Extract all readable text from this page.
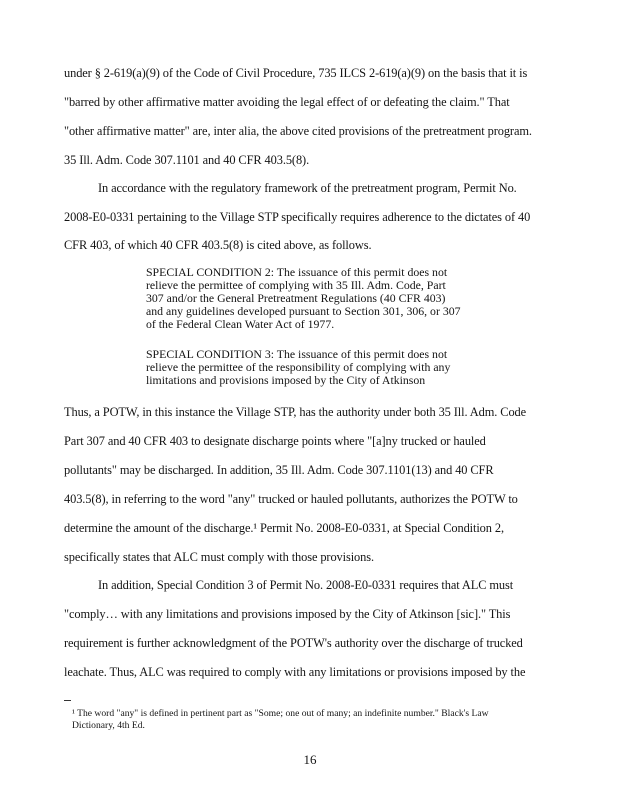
under § 2-619(a)(9) of the Code of Civil Procedure, 735 ILCS 2-619(a)(9) on the basis that it is
"barred by other affirmative matter avoiding the legal effect of or defeating the claim." That
"other affirmative matter" are, inter alia, the above cited provisions of the pretreatment program.
35 Ill. Adm. Code 307.1101 and 40 CFR 403.5(8).
In accordance with the regulatory framework of the pretreatment program, Permit No.
2008-E0-0331 pertaining to the Village STP specifically requires adherence to the dictates of 40
CFR 403, of which 40 CFR 403.5(8) is cited above, as follows.
SPECIAL CONDITION 2: The issuance of this permit does not
relieve the permittee of complying with 35 Ill. Adm. Code, Part
307 and/or the General Pretreatment Regulations (40 CFR 403)
and any guidelines developed pursuant to Section 301, 306, or 307
of the Federal Clean Water Act of 1977.
SPECIAL CONDITION 3: The issuance of this permit does not
relieve the permittee of the responsibility of complying with any
limitations and provisions imposed by the City of Atkinson
Thus, a POTW, in this instance the Village STP, has the authority under both 35 Ill. Adm. Code
Part 307 and 40 CFR 403 to designate discharge points where "[a]ny trucked or hauled
pollutants" may be discharged. In addition, 35 Ill. Adm. Code 307.1101(13) and 40 CFR
403.5(8), in referring to the word "any" trucked or hauled pollutants, authorizes the POTW to
determine the amount of the discharge.¹ Permit No. 2008-E0-0331, at Special Condition 2,
specifically states that ALC must comply with those provisions.
In addition, Special Condition 3 of Permit No. 2008-E0-0331 requires that ALC must
"comply… with any limitations and provisions imposed by the City of Atkinson [sic]." This
requirement is further acknowledgment of the POTW's authority over the discharge of trucked
leachate. Thus, ALC was required to comply with any limitations or provisions imposed by the
¹ The word "any" is defined in pertinent part as "Some; one out of many; an indefinite number." Black's Law
Dictionary, 4th Ed.
16
